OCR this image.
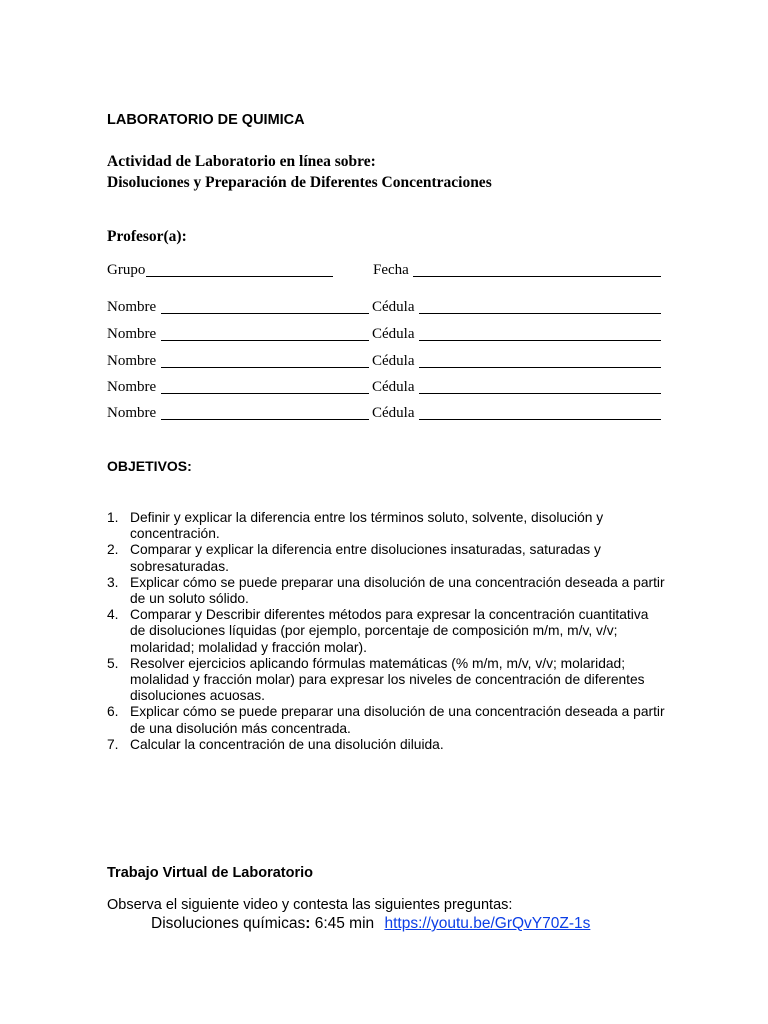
LABORATORIO DE QUIMICA
Actividad de Laboratorio en línea sobre:
Disoluciones y Preparación de Diferentes Concentraciones
Profesor(a):
Grupo	Fecha
Nombre	Cédula
Nombre	Cédula
Nombre	Cédula
Nombre	Cédula
Nombre	Cédula
OBJETIVOS:
1. Definir y explicar la diferencia entre los términos soluto, solvente, disolución y concentración.
2. Comparar y explicar la diferencia entre disoluciones insaturadas, saturadas y sobresaturadas.
3. Explicar cómo se puede preparar una disolución de una concentración deseada a partir de un soluto sólido.
4. Comparar y Describir diferentes métodos para expresar la concentración cuantitativa de disoluciones líquidas (por ejemplo, porcentaje de composición m/m, m/v, v/v; molaridad; molalidad y fracción molar).
5. Resolver ejercicios aplicando fórmulas matemáticas (% m/m, m/v, v/v; molaridad; molalidad y fracción molar) para expresar los niveles de concentración de diferentes disoluciones acuosas.
6. Explicar cómo se puede preparar una disolución de una concentración deseada a partir de una disolución más concentrada.
7. Calcular la concentración de una disolución diluida.
Trabajo Virtual de Laboratorio
Observa el siguiente video y contesta las siguientes preguntas:
Disoluciones químicas: 6:45 min https://youtu.be/GrQvY70Z-1s
